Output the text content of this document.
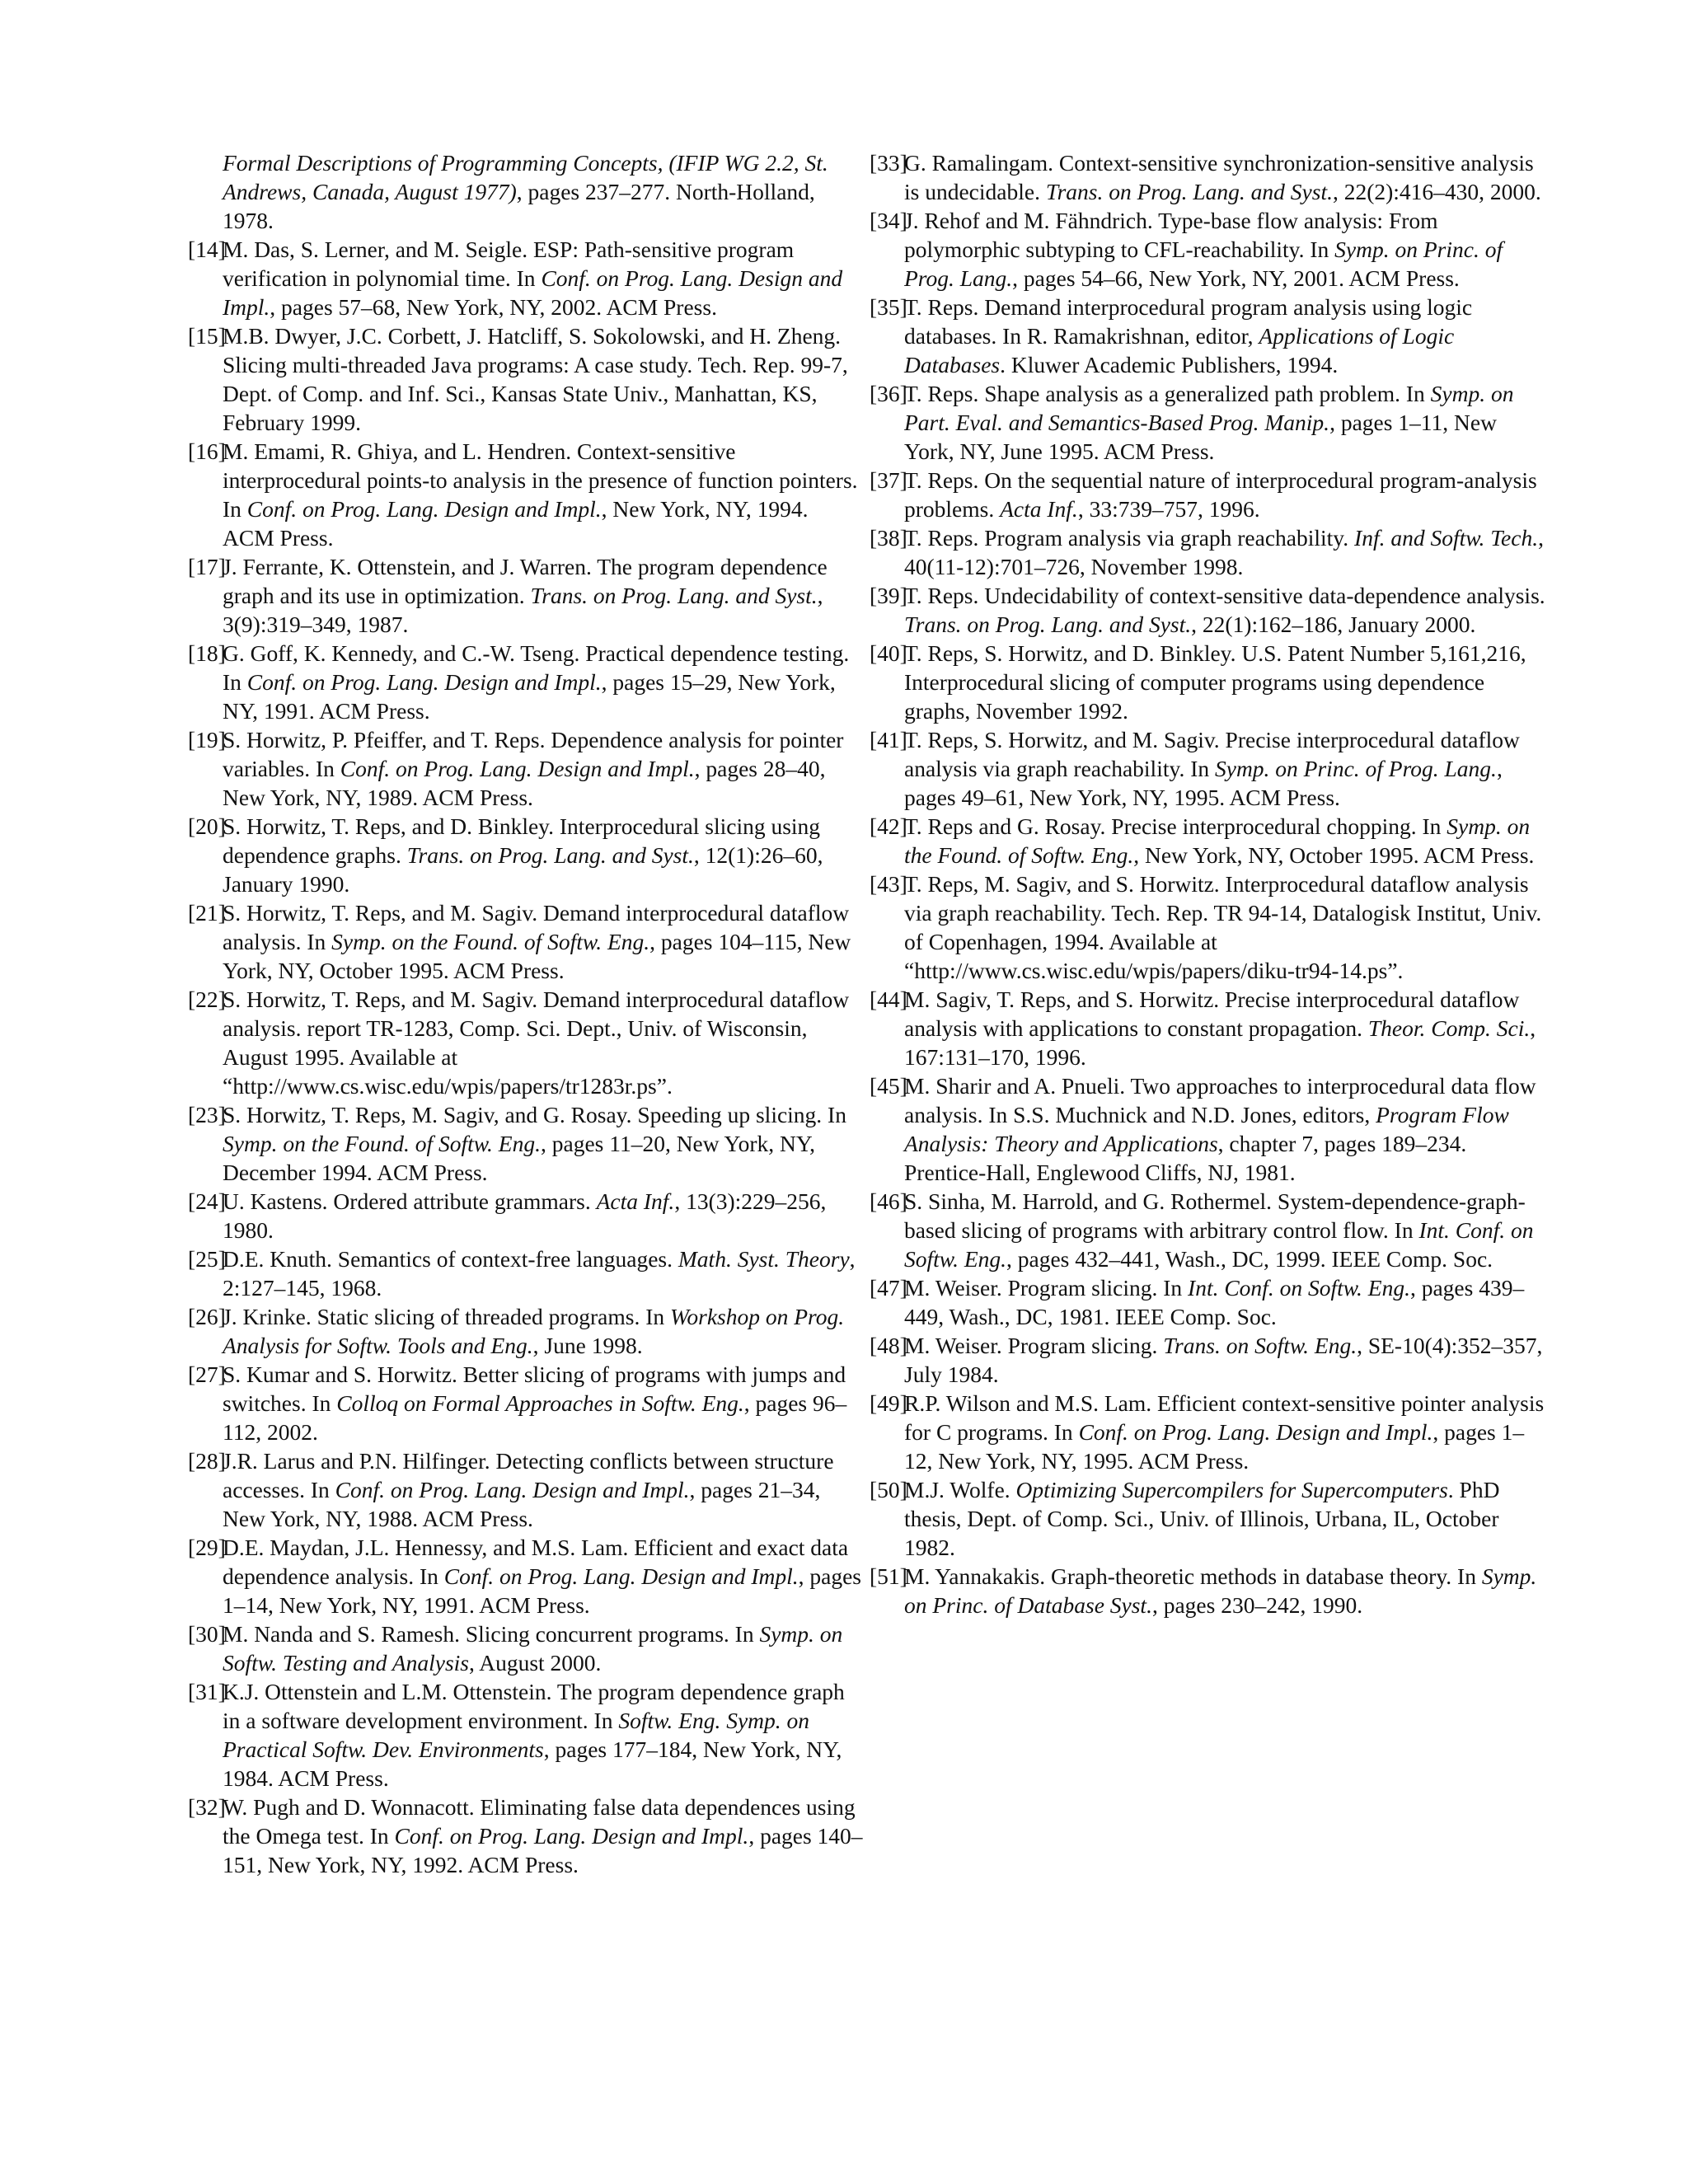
Formal Descriptions of Programming Concepts, (IFIP WG 2.2, St. Andrews, Canada, August 1977), pages 237–277. North-Holland, 1978.
[14]
M. Das, S. Lerner, and M. Seigle. ESP: Path-sensitive program verification in polynomial time. In Conf. on Prog. Lang. Design and Impl., pages 57–68, New York, NY, 2002. ACM Press.
[15]
M.B. Dwyer, J.C. Corbett, J. Hatcliff, S. Sokolowski, and H. Zheng. Slicing multi-threaded Java programs: A case study. Tech. Rep. 99-7, Dept. of Comp. and Inf. Sci., Kansas State Univ., Manhattan, KS, February 1999.
[16]
M. Emami, R. Ghiya, and L. Hendren. Context-sensitive interprocedural points-to analysis in the presence of function pointers. In Conf. on Prog. Lang. Design and Impl., New York, NY, 1994. ACM Press.
[17]
J. Ferrante, K. Ottenstein, and J. Warren. The program dependence graph and its use in optimization. Trans. on Prog. Lang. and Syst., 3(9):319–349, 1987.
[18]
G. Goff, K. Kennedy, and C.-W. Tseng. Practical dependence testing. In Conf. on Prog. Lang. Design and Impl., pages 15–29, New York, NY, 1991. ACM Press.
[19]
S. Horwitz, P. Pfeiffer, and T. Reps. Dependence analysis for pointer variables. In Conf. on Prog. Lang. Design and Impl., pages 28–40, New York, NY, 1989. ACM Press.
[20]
S. Horwitz, T. Reps, and D. Binkley. Interprocedural slicing using dependence graphs. Trans. on Prog. Lang. and Syst., 12(1):26–60, January 1990.
[21]
S. Horwitz, T. Reps, and M. Sagiv. Demand interprocedural dataflow analysis. In Symp. on the Found. of Softw. Eng., pages 104–115, New York, NY, October 1995. ACM Press.
[22]
S. Horwitz, T. Reps, and M. Sagiv. Demand interprocedural dataflow analysis. report TR-1283, Comp. Sci. Dept., Univ. of Wisconsin, August 1995. Available at “http://www.cs.wisc.edu/wpis/papers/tr1283r.ps”.
[23]
S. Horwitz, T. Reps, M. Sagiv, and G. Rosay. Speeding up slicing. In Symp. on the Found. of Softw. Eng., pages 11–20, New York, NY, December 1994. ACM Press.
[24]
U. Kastens. Ordered attribute grammars. Acta Inf., 13(3):229–256, 1980.
[25]
D.E. Knuth. Semantics of context-free languages. Math. Syst. Theory, 2:127–145, 1968.
[26]
J. Krinke. Static slicing of threaded programs. In Workshop on Prog. Analysis for Softw. Tools and Eng., June 1998.
[27]
S. Kumar and S. Horwitz. Better slicing of programs with jumps and switches. In Colloq on Formal Approaches in Softw. Eng., pages 96–112, 2002.
[28]
J.R. Larus and P.N. Hilfinger. Detecting conflicts between structure accesses. In Conf. on Prog. Lang. Design and Impl., pages 21–34, New York, NY, 1988. ACM Press.
[29]
D.E. Maydan, J.L. Hennessy, and M.S. Lam. Efficient and exact data dependence analysis. In Conf. on Prog. Lang. Design and Impl., pages 1–14, New York, NY, 1991. ACM Press.
[30]
M. Nanda and S. Ramesh. Slicing concurrent programs. In Symp. on Softw. Testing and Analysis, August 2000.
[31]
K.J. Ottenstein and L.M. Ottenstein. The program dependence graph in a software development environment. In Softw. Eng. Symp. on Practical Softw. Dev. Environments, pages 177–184, New York, NY, 1984. ACM Press.
[32]
W. Pugh and D. Wonnacott. Eliminating false data dependences using the Omega test. In Conf. on Prog. Lang. Design and Impl., pages 140–151, New York, NY, 1992. ACM Press.
[33]
G. Ramalingam. Context-sensitive synchronization-sensitive analysis is undecidable. Trans. on Prog. Lang. and Syst., 22(2):416–430, 2000.
[34]
J. Rehof and M. Fähndrich. Type-base flow analysis: From polymorphic subtyping to CFL-reachability. In Symp. on Princ. of Prog. Lang., pages 54–66, New York, NY, 2001. ACM Press.
[35]
T. Reps. Demand interprocedural program analysis using logic databases. In R. Ramakrishnan, editor, Applications of Logic Databases. Kluwer Academic Publishers, 1994.
[36]
T. Reps. Shape analysis as a generalized path problem. In Symp. on Part. Eval. and Semantics-Based Prog. Manip., pages 1–11, New York, NY, June 1995. ACM Press.
[37]
T. Reps. On the sequential nature of interprocedural program-analysis problems. Acta Inf., 33:739–757, 1996.
[38]
T. Reps. Program analysis via graph reachability. Inf. and Softw. Tech., 40(11-12):701–726, November 1998.
[39]
T. Reps. Undecidability of context-sensitive data-dependence analysis. Trans. on Prog. Lang. and Syst., 22(1):162–186, January 2000.
[40]
T. Reps, S. Horwitz, and D. Binkley. U.S. Patent Number 5,161,216, Interprocedural slicing of computer programs using dependence graphs, November 1992.
[41]
T. Reps, S. Horwitz, and M. Sagiv. Precise interprocedural dataflow analysis via graph reachability. In Symp. on Princ. of Prog. Lang., pages 49–61, New York, NY, 1995. ACM Press.
[42]
T. Reps and G. Rosay. Precise interprocedural chopping. In Symp. on the Found. of Softw. Eng., New York, NY, October 1995. ACM Press.
[43]
T. Reps, M. Sagiv, and S. Horwitz. Interprocedural dataflow analysis via graph reachability. Tech. Rep. TR 94-14, Datalogisk Institut, Univ. of Copenhagen, 1994. Available at “http://www.cs.wisc.edu/wpis/papers/diku-tr94-14.ps”.
[44]
M. Sagiv, T. Reps, and S. Horwitz. Precise interprocedural dataflow analysis with applications to constant propagation. Theor. Comp. Sci., 167:131–170, 1996.
[45]
M. Sharir and A. Pnueli. Two approaches to interprocedural data flow analysis. In S.S. Muchnick and N.D. Jones, editors, Program Flow Analysis: Theory and Applications, chapter 7, pages 189–234. Prentice-Hall, Englewood Cliffs, NJ, 1981.
[46]
S. Sinha, M. Harrold, and G. Rothermel. System-dependence-graph-based slicing of programs with arbitrary control flow. In Int. Conf. on Softw. Eng., pages 432–441, Wash., DC, 1999. IEEE Comp. Soc.
[47]
M. Weiser. Program slicing. In Int. Conf. on Softw. Eng., pages 439–449, Wash., DC, 1981. IEEE Comp. Soc.
[48]
M. Weiser. Program slicing. Trans. on Softw. Eng., SE-10(4):352–357, July 1984.
[49]
R.P. Wilson and M.S. Lam. Efficient context-sensitive pointer analysis for C programs. In Conf. on Prog. Lang. Design and Impl., pages 1–12, New York, NY, 1995. ACM Press.
[50]
M.J. Wolfe. Optimizing Supercompilers for Supercomputers. PhD thesis, Dept. of Comp. Sci., Univ. of Illinois, Urbana, IL, October 1982.
[51]
M. Yannakakis. Graph-theoretic methods in database theory. In Symp. on Princ. of Database Syst., pages 230–242, 1990.
